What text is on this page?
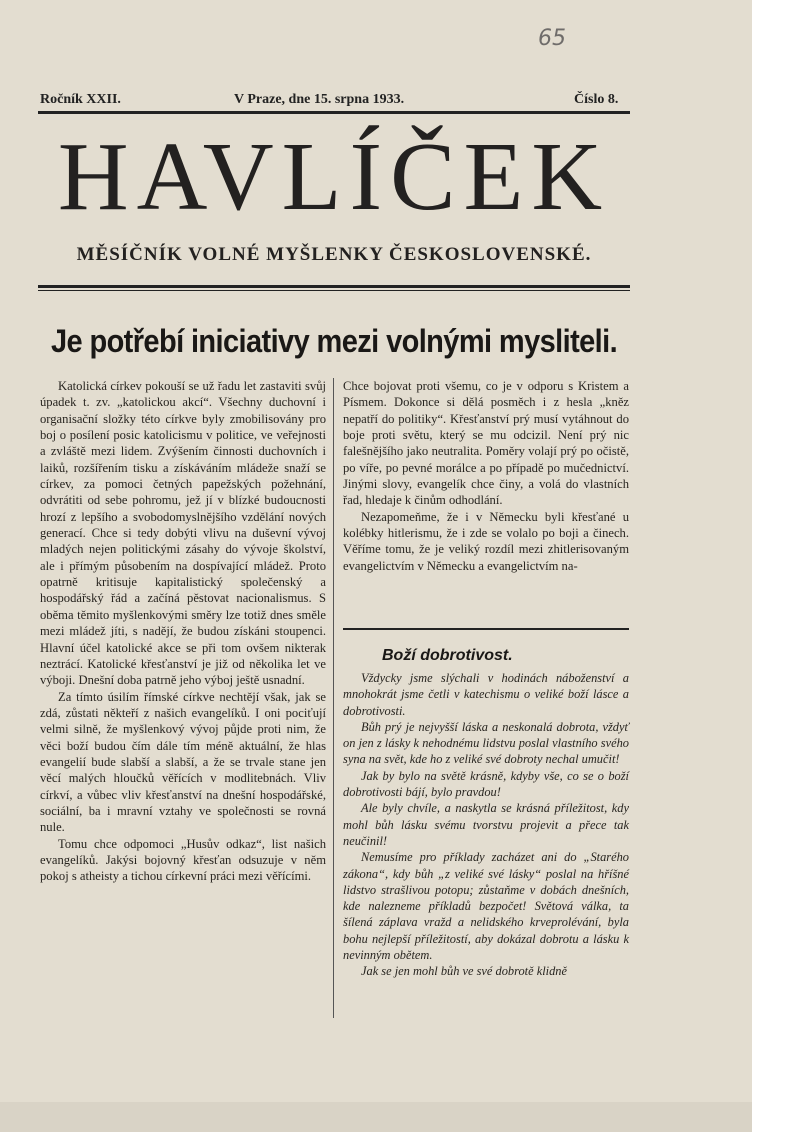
65
Ročník XXII.	V Praze, dne 15. srpna 1933.	Číslo 8.
HAVLÍČEK
MĚSÍČNÍK VOLNÉ MYŠLENKY ČESKOSLOVENSKÉ.
Je potřebí iniciativy mezi volnými mysliteli.

Katolická církev pokouší se už řadu let zastaviti svůj úpadek t. zv. „katolickou akcí“. Všechny duchovní i organisační složky této církve byly zmobilisovány pro boj o posílení posic katolicismu v politice, ve veřejnosti a zvláště mezi lidem. Zvýšením činnosti duchovních i laiků, rozšířením tisku a získáváním mládeže snaží se církev, za pomoci četných papežských požehnání, odvrátiti od sebe pohromu, jež jí v blízké budoucnosti hrozí z lepšího a svobodomyslnějšího vzdělání nových generací. Chce si tedy dobýti vlivu na duševní vývoj mladých nejen politickými zásahy do vývoje školství, ale i přímým působením na dospívající mládež. Proto opatrně kritisuje kapitalistický společenský a hospodářský řád a začíná pěstovat nacionalismus. S oběma těmito myšlenkovými směry lze totiž dnes směle mezi mládež jíti, s nadějí, že budou získáni stoupenci. Hlavní účel katolické akce se při tom ovšem nikterak neztrácí. Katolické křesťanství je již od několika let ve výboji. Dnešní doba patrně jeho výboj ještě usnadní.

Za tímto úsilím římské církve nechtějí však, jak se zdá, zůstati někteří z našich evangelíků. I oni pociťují velmi silně, že myšlenkový vývoj půjde proti nim, že věci boží budou čím dále tím méně aktuální, že hlas evangelií bude slabší a slabší, a že se trvale stane jen věcí malých hloučků věřících v modlitebnách. Vliv církví, a vůbec vliv křesťanství na dnešní hospodářské, sociální, ba i mravní vztahy ve společnosti se rovná nule.

Tomu chce odpomoci „Husův odkaz“, list našich evangelíků. Jakýsi bojovný křesťan odsuzuje v něm pokoj s atheisty a tichou církevní práci mezi věřícími.

Chce bojovat proti všemu, co je v odporu s Kristem a Písmem. Dokonce si dělá posměch i z hesla „kněz nepatří do politiky“. Křesťanství prý musí vytáhnout do boje proti světu, který se mu odcizil. Není prý nic falešnějšího jako neutralita. Poměry volají prý po očistě, po víře, po pevné morálce a po případě po mučednictví. Jinými slovy, evangelík chce činy, a volá do vlastních řad, hledaje k činům odhodlání.

Nezapomeňme, že i v Německu byli křesťané u kolébky hitlerismu, že i zde se volalo po boji a činech. Věříme tomu, že je veliký rozdíl mezi zhitlerisovaným evangelictvím v Německu a evangelictvím na-

Boží dobrotivost.

Vždycky jsme slýchali v hodinách náboženství a mnohokrát jsme četli v katechismu o veliké boží lásce a dobrotivosti.

Bůh prý je nejvyšší láska a neskonalá dobrota, vždyť on jen z lásky k nehodnému lidstvu poslal vlastního svého syna na svět, kde ho z veliké své dobroty nechal umučit!

Jak by bylo na světě krásně, kdyby vše, co se o boží dobrotivosti bájí, bylo pravdou!

Ale byly chvíle, a naskytla se krásná příležitost, kdy mohl bůh lásku svému tvorstvu projevit a přece tak neučinil!

Nemusíme pro příklady zacházet ani do „Starého zákona“, kdy bůh „z veliké své lásky“ poslal na hříšné lidstvo strašlivou potopu; zůstaňme v dobách dnešních, kde nalezneme příkladů bezpočet! Světová válka, ta šílená záplava vražd a nelidského krveprolévání, byla bohu nejlepší příležitostí, aby dokázal dobrotu a lásku k nevinným obětem.

Jak se jen mohl bůh ve své dobrotě klidně
